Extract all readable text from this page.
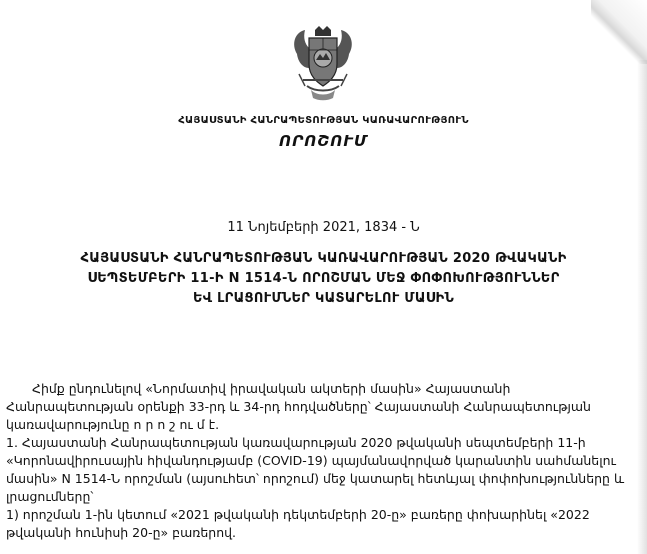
ՀԱՅԱՍՏԱՆԻ ՀԱՆՐԱՊԵՏՈՒԹՅԱՆ ԿԱՌԱՎԱՐՈՒԹՅՈՒՆ
ՈՐՈՇՈՒՄ
11 Նոյեմբերի 2021, 1834 - Ն
ՀԱՅԱՍՏԱՆԻ ՀԱՆՐԱՊԵՏՈՒԹՅԱՆ ԿԱՌԱՎԱՐՈՒԹՅԱՆ 2020 ԹՎԱԿԱՆԻ ՍԵՊՏԵՄԲԵՐԻ 11-Ի N 1514-Ն ՈՐՈՇՄԱՆ ՄԵՋ ՓՈՓՈԽՈՒԹՅՈՒՆՆԵՐ ԵՎ ԼՐԱՑՈՒՄՆԵՐ ԿԱՏԱՐԵԼՈՒ ՄԱՍԻՆ

Հիմք ընդունելով «Նորմատիվ իրավական ակտերի մասին» Հայաստանի Հանրապետության օրենքի 33-րդ և 34-րդ հոդվածները՝ Հայաստանի Հանրապետության կառավարությունը ո ր ո շ ու մ է.

1. Հայաստանի Հանրապետության կառավարության 2020 թվականի սեպտեմբերի 11-ի «Կորոնավիրուսային հիվանդությամբ (COVID-19) պայմանավորված կարանտին սահմանելու մասին» N 1514-Ն որոշման (այսուհետ՝ որոշում) մեջ կատարել հետևյալ փոփոխությունները և լրացումները՝

1) որոշման 1-ին կետում «2021 թվականի դեկտեմբերի 20-ը» բառերը փոխարինել «2022 թվականի հունիսի 20-ը» բառերով.
